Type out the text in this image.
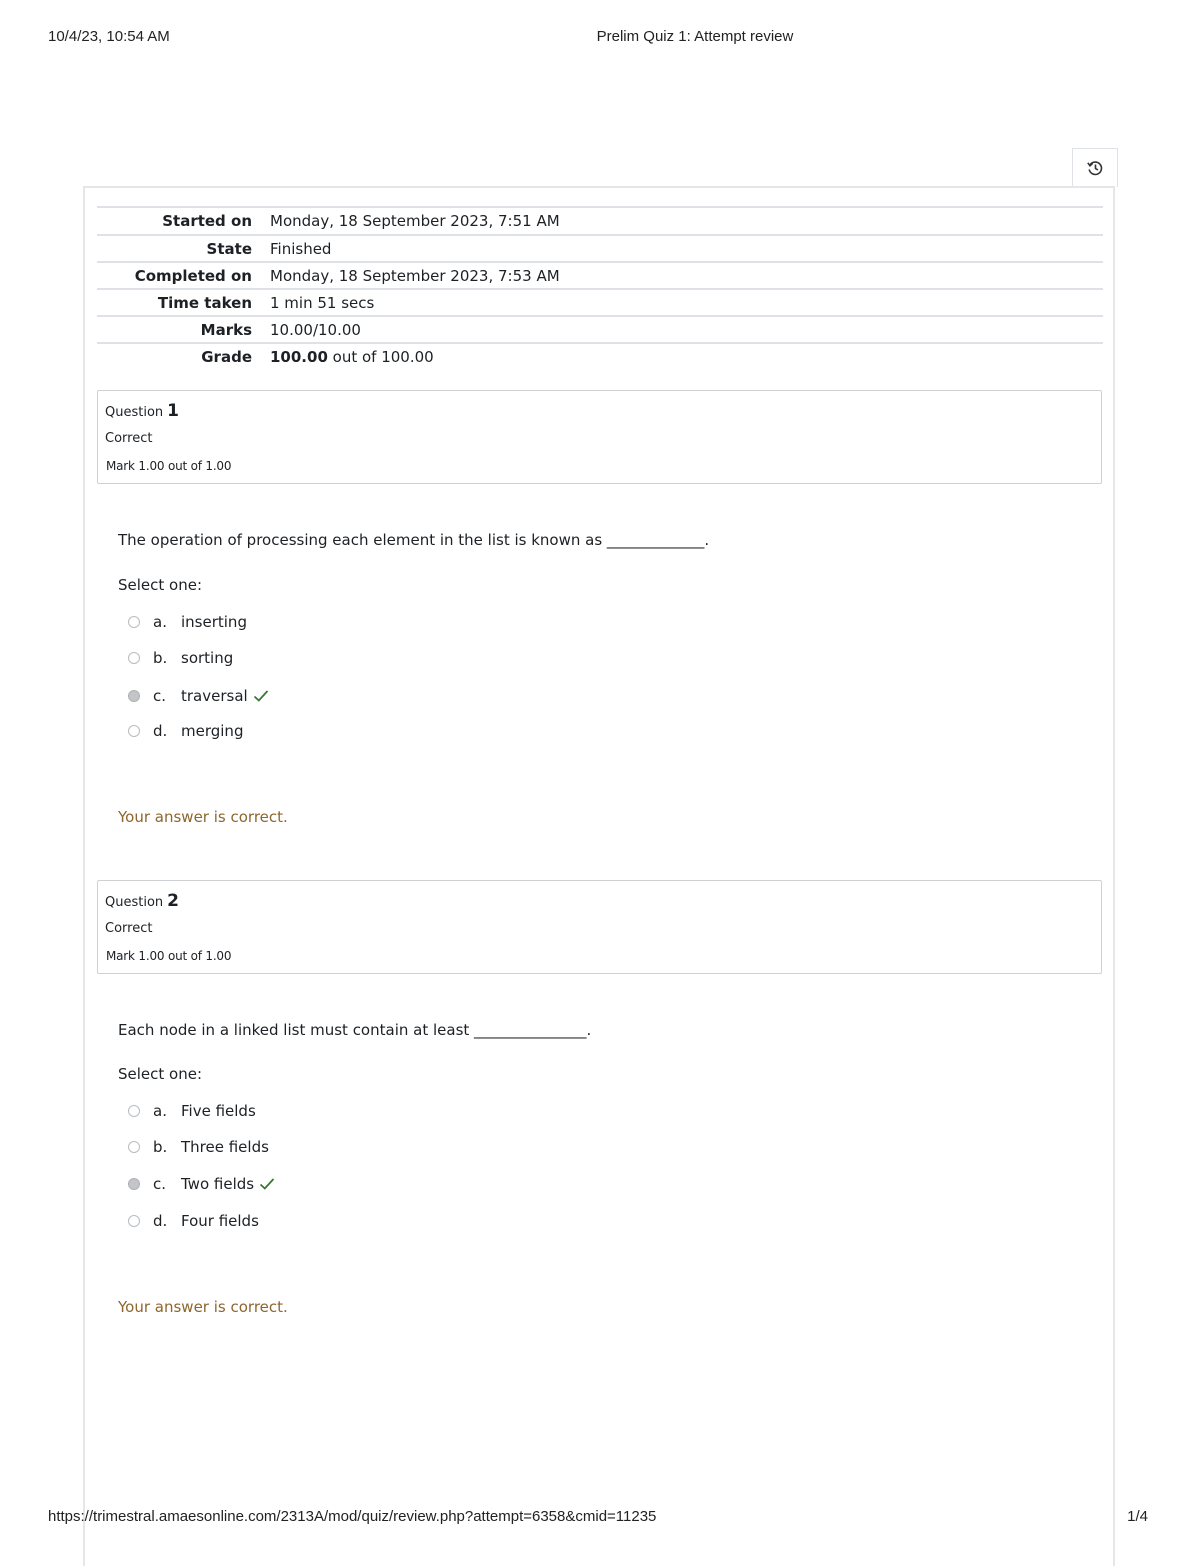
10/4/23, 10:54 AM	Prelim Quiz 1: Attempt review
Started on	Monday, 18 September 2023, 7:51 AM
State	Finished
Completed on	Monday, 18 September 2023, 7:53 AM
Time taken	1 min 51 secs
Marks	10.00/10.00
Grade	100.00 out of 100.00
Question 1
Correct
Mark 1.00 out of 1.00
The operation of processing each element in the list is known as _____________.
Select one:
a. inserting
b. sorting
c. traversal
d. merging
Your answer is correct.
Question 2
Correct
Mark 1.00 out of 1.00
Each node in a linked list must contain at least _______________.
Select one:
a. Five fields
b. Three fields
c. Two fields
d. Four fields
Your answer is correct.
https://trimestral.amaesonline.com/2313A/mod/quiz/review.php?attempt=6358&cmid=11235	1/4
